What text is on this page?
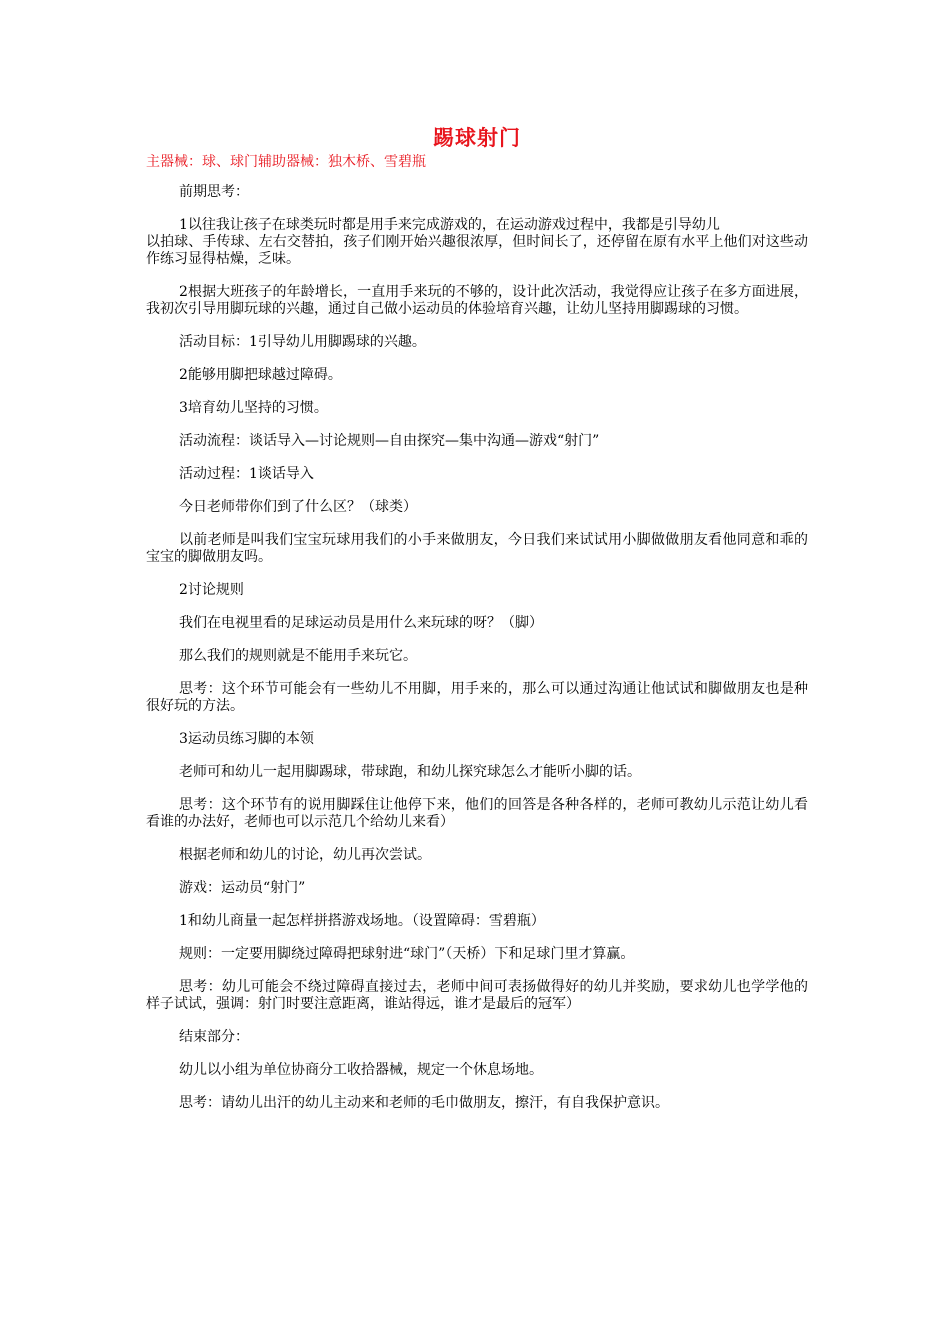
踢球射门

主器械：球、球门辅助器械：独木桥、雪碧瓶

前期思考：

1以往我让孩子在球类玩时都是用手来完成游戏的，在运动游戏过程中，我都是引导幼儿
以拍球、手传球、左右交替拍，孩子们刚开始兴趣很浓厚，但时间长了，还停留在原有水平上他们对这些动作练习显得枯燥，乏味。

2根据大班孩子的年龄增长，一直用手来玩的不够的，设计此次活动，我觉得应让孩子在多方面进展，我初次引导用脚玩球的兴趣，通过自己做小运动员的体验培育兴趣，让幼儿坚持用脚踢球的习惯。

活动目标：1引导幼儿用脚踢球的兴趣。

2能够用脚把球越过障碍。

3培育幼儿坚持的习惯。

活动流程：谈话导入—讨论规则—自由探究—集中沟通—游戏“射门”

活动过程：1谈话导入

今日老师带你们到了什么区？（球类）

以前老师是叫我们宝宝玩球用我们的小手来做朋友，今日我们来试试用小脚做做朋友看他同意和乖的宝宝的脚做朋友吗。

2讨论规则

我们在电视里看的足球运动员是用什么来玩球的呀？（脚）

那么我们的规则就是不能用手来玩它。

思考：这个环节可能会有一些幼儿不用脚，用手来的，那么可以通过沟通让他试试和脚做朋友也是种很好玩的方法。

3运动员练习脚的本领

老师可和幼儿一起用脚踢球，带球跑，和幼儿探究球怎么才能听小脚的话。

思考：这个环节有的说用脚踩住让他停下来，他们的回答是各种各样的，老师可教幼儿示范让幼儿看看谁的办法好，老师也可以示范几个给幼儿来看）

根据老师和幼儿的讨论，幼儿再次尝试。

游戏：运动员“射门”

1和幼儿商量一起怎样拼搭游戏场地。（设置障碍：雪碧瓶）

规则：一定要用脚绕过障碍把球射进“球门”（天桥）下和足球门里才算赢。

思考：幼儿可能会不绕过障碍直接过去，老师中间可表扬做得好的幼儿并奖励，要求幼儿也学学他的样子试试，强调：射门时要注意距离，谁站得远，谁才是最后的冠军）

结束部分：

幼儿以小组为单位协商分工收拾器械，规定一个休息场地。

思考：请幼儿出汗的幼儿主动来和老师的毛巾做朋友，擦汗，有自我保护意识。
